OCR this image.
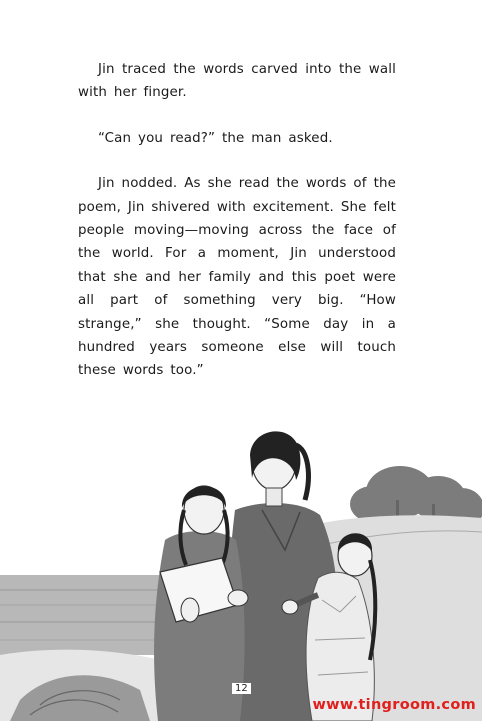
Jin traced the words carved into the wall with her finger.

“Can you read?” the man asked.

Jin nodded. As she read the words of the poem, Jin shivered with excitement. She felt people moving—moving across the face of the world. For a moment, Jin understood that she and her family and this poet were all part of something very big. “How strange,” she thought. “Some day in a hundred years someone else will touch these words too.”

12
www.tingroom.com
